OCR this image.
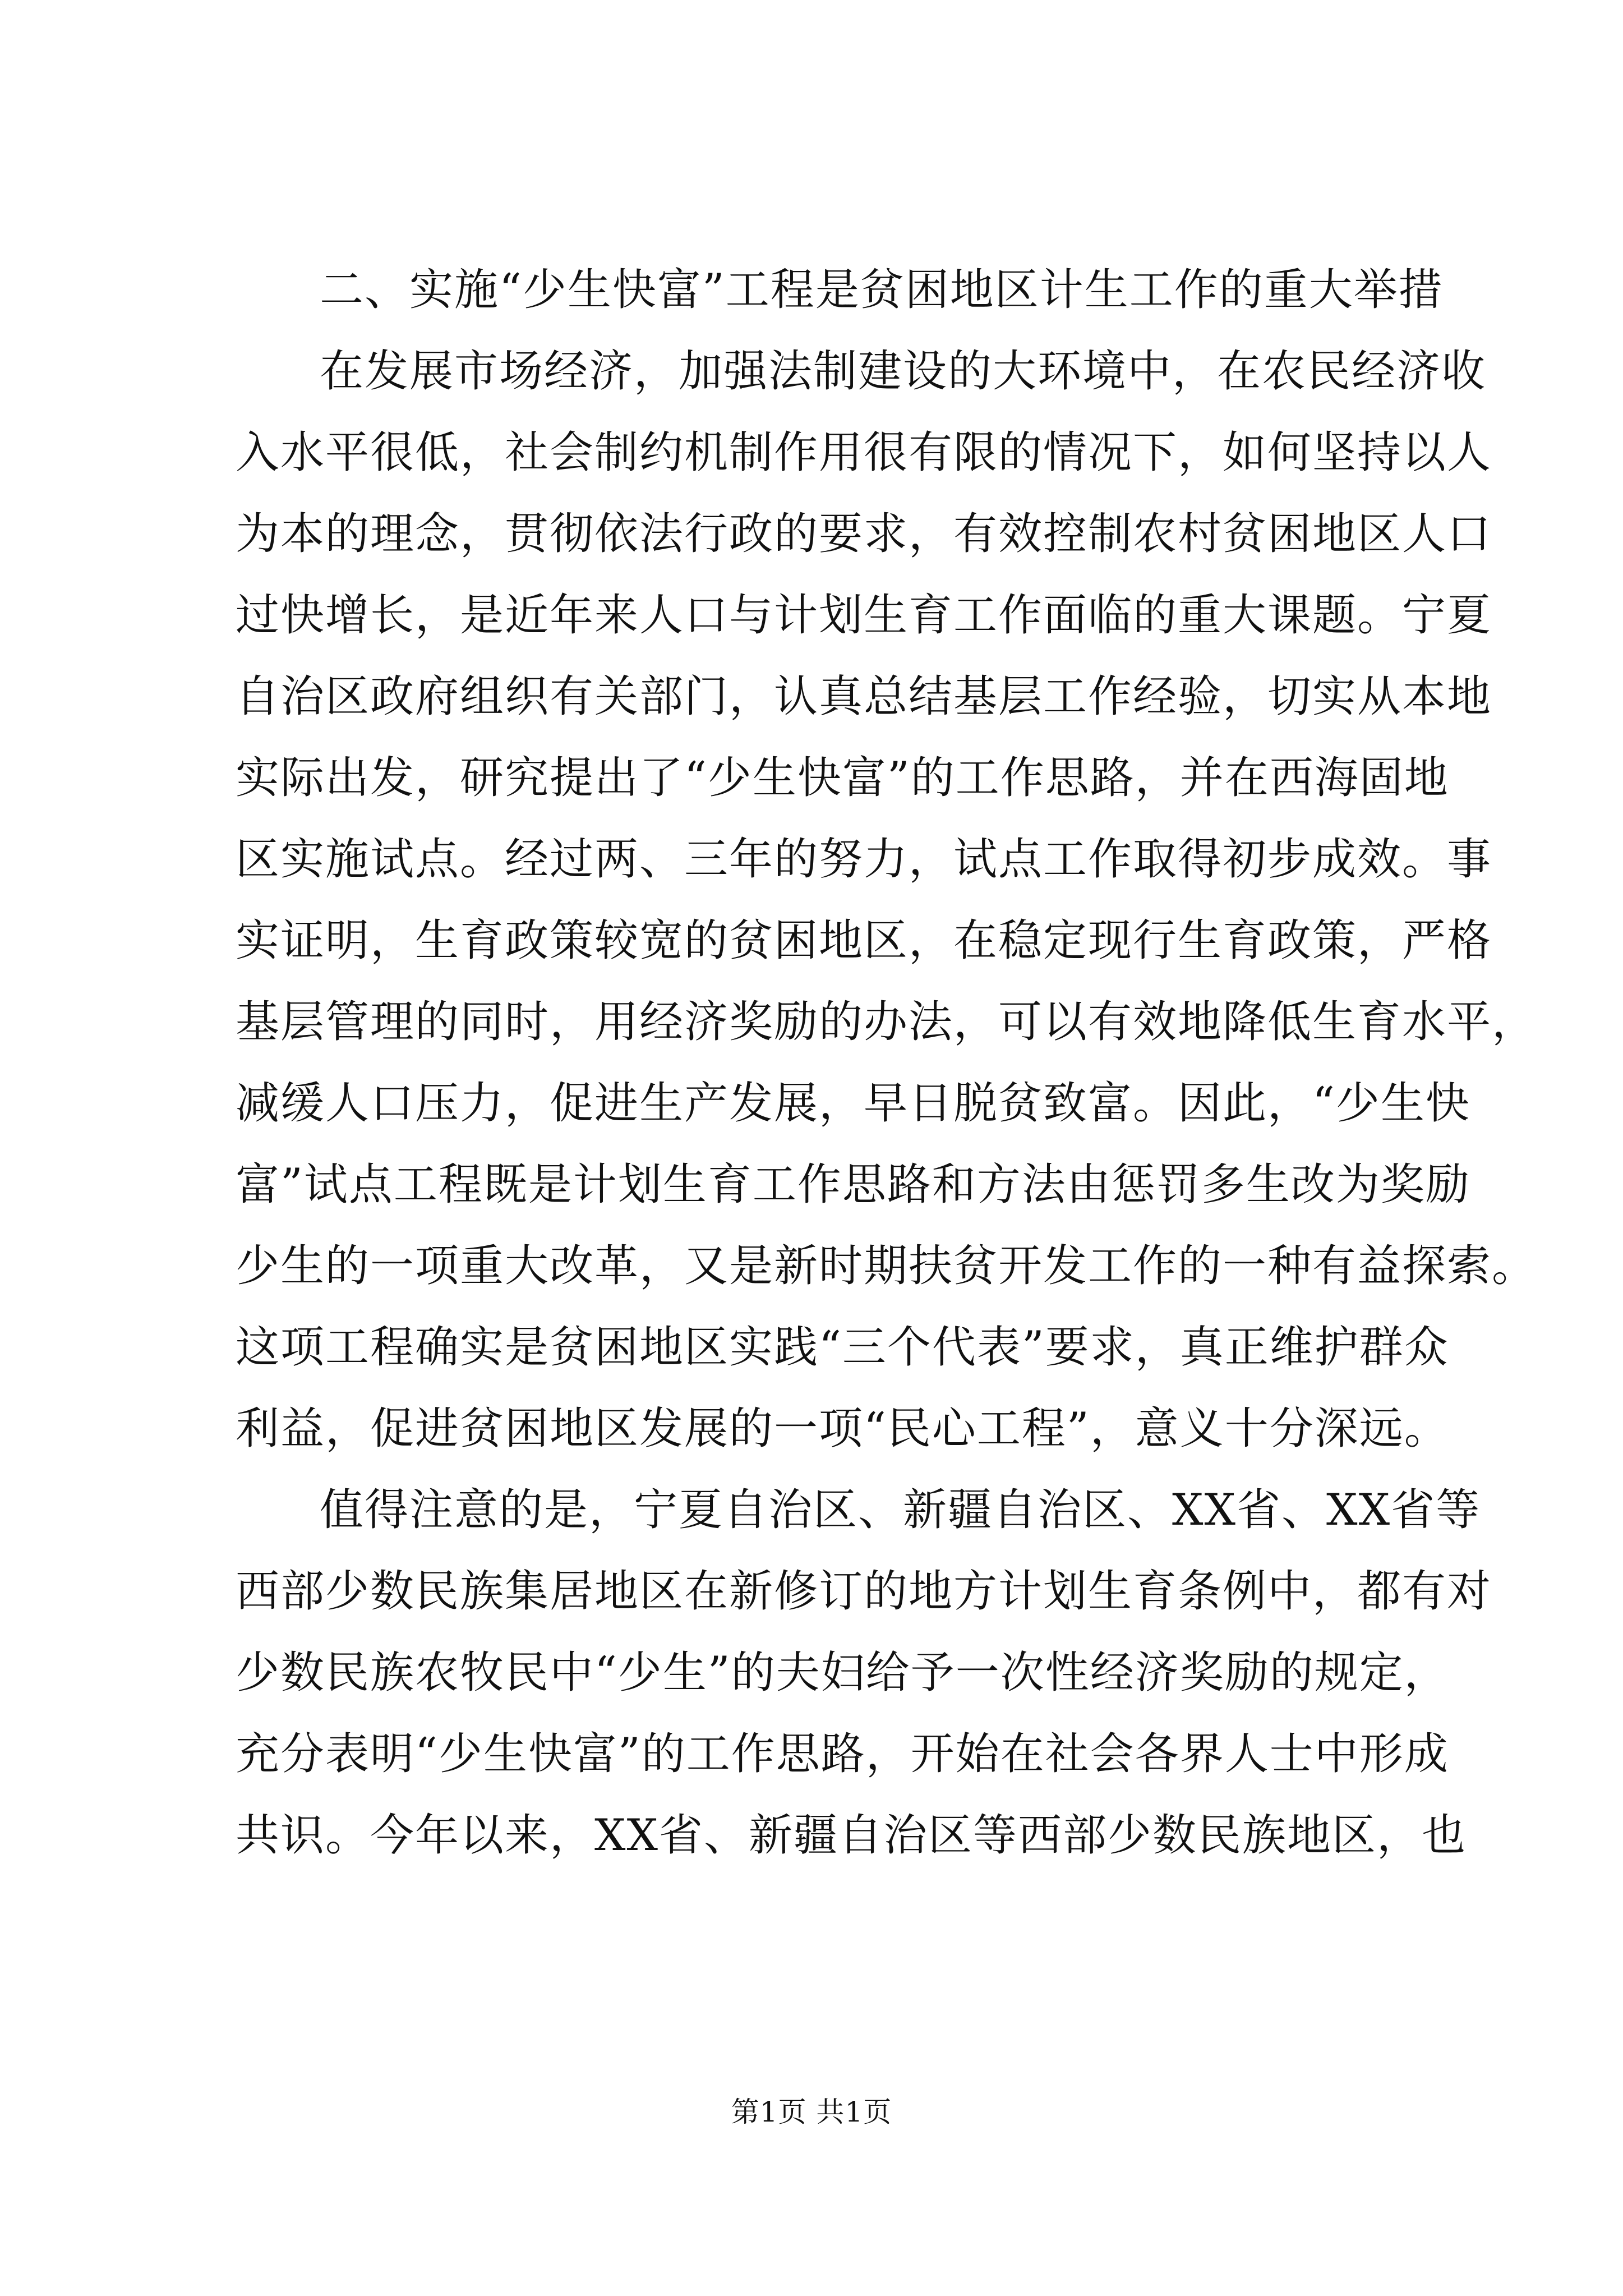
二、实施“少生快富”工程是贫困地区计生工作的重大举措
在发展市场经济，加强法制建设的大环境中，在农民经济收
入水平很低，社会制约机制作用很有限的情况下，如何坚持以人
为本的理念，贯彻依法行政的要求，有效控制农村贫困地区人口
过快增长，是近年来人口与计划生育工作面临的重大课题。宁夏
自治区政府组织有关部门，认真总结基层工作经验，切实从本地
实际出发，研究提出了“少生快富”的工作思路，并在西海固地
区实施试点。经过两、三年的努力，试点工作取得初步成效。事
实证明，生育政策较宽的贫困地区，在稳定现行生育政策，严格
基层管理的同时，用经济奖励的办法，可以有效地降低生育水平，
减缓人口压力，促进生产发展，早日脱贫致富。因此，“少生快
富”试点工程既是计划生育工作思路和方法由惩罚多生改为奖励
少生的一项重大改革，又是新时期扶贫开发工作的一种有益探索。
这项工程确实是贫困地区实践“三个代表”要求，真正维护群众
利益，促进贫困地区发展的一项“民心工程”，意义十分深远。
值得注意的是，宁夏自治区、新疆自治区、XX省、XX省等
西部少数民族集居地区在新修订的地方计划生育条例中，都有对
少数民族农牧民中“少生”的夫妇给予一次性经济奖励的规定，
充分表明“少生快富”的工作思路，开始在社会各界人士中形成
共识。今年以来，XX省、新疆自治区等西部少数民族地区，也
第1页 共1页
